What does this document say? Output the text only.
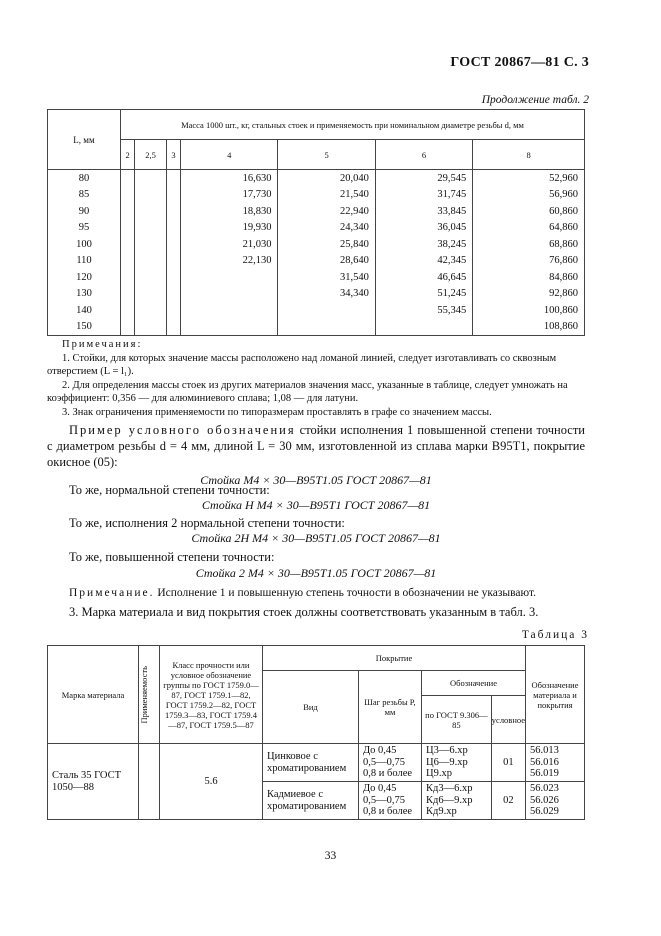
ГОСТ 20867—81 С. 3
Продолжение табл. 2
L, мм	Масса 1000 шт., кг, стальных стоек и применяемость при номинальном диаметре резьбы d, мм						
	2	2,5	3	4	5	6	8
80				16,630	20,040	29,545	52,960
85				17,730	21,540	31,745	56,960
90				18,830	22,940	33,845	60,860
95				19,930	24,340	36,045	64,860
100				21,030	25,840	38,245	68,860
110				22,130	28,640	42,345	76,860
120					31,540	46,645	84,860
130					34,340	51,245	92,860
140						55,345	100,860
150							108,860

Примечания:

1. Стойки, для которых значение массы расположено над ломаной линией, следует изготавливать со сквозным отверстием (L = l₁).

2. Для определения массы стоек из других материалов значения масс, указанные в таблице, следует умножать на коэффициент: 0,356 — для алюминиевого сплава; 1,08 — для латуни.

3. Знак ограничения применяемости по типоразмерам проставлять в графе со значением массы.

Пример условного обозначения стойки исполнения 1 повышенной степени точности с диаметром резьбы d = 4 мм, длиной L = 30 мм, изготовленной из сплава марки В95Т1, покрытие окисное (05):

Стойка М4 × 30—В95Т1.05 ГОСТ 20867—81

То же, нормальной степени точности:

Стойка Н М4 × 30—В95Т1 ГОСТ 20867—81

То же, исполнения 2 нормальной степени точности:

Стойка 2Н М4 × 30—В95Т1.05 ГОСТ 20867—81

То же, повышенной степени точности:

Стойка 2 М4 × 30—В95Т1.05 ГОСТ 20867—81

Примечание. Исполнение 1 и повышенную степень точности в обозначении не указывают.

3. Марка материала и вид покрытия стоек должны соответствовать указанным в табл. 3.

Таблица 3
Марка материала	Применяемость	Класс прочности или условное обозначение группы по ГОСТ 1759.0—87, ГОСТ 1759.1—82, ГОСТ 1759.2—82, ГОСТ 1759.3—83, ГОСТ 1759.4—87, ГОСТ 1759.5—87	Покрытие				Обозначение материала и покрытия
			Вид	Шаг резьбы P, мм	Обозначение		
					по ГОСТ 9.306—85	условное	
Сталь 35 ГОСТ 1050—88		5.6	Цинковое с хроматированием	До 0,45
0,5—0,75
0,8 и более	Ц3—6.хр
Ц6—9.хр
Ц9.хр	01	56.013
56.016
56.019
			Кадмиевое с хроматированием	До 0,45
0,5—0,75
0,8 и более	Кд3—6.хр
Кд6—9.хр
Кд9.хр	02	56.023
56.026
56.029
33
